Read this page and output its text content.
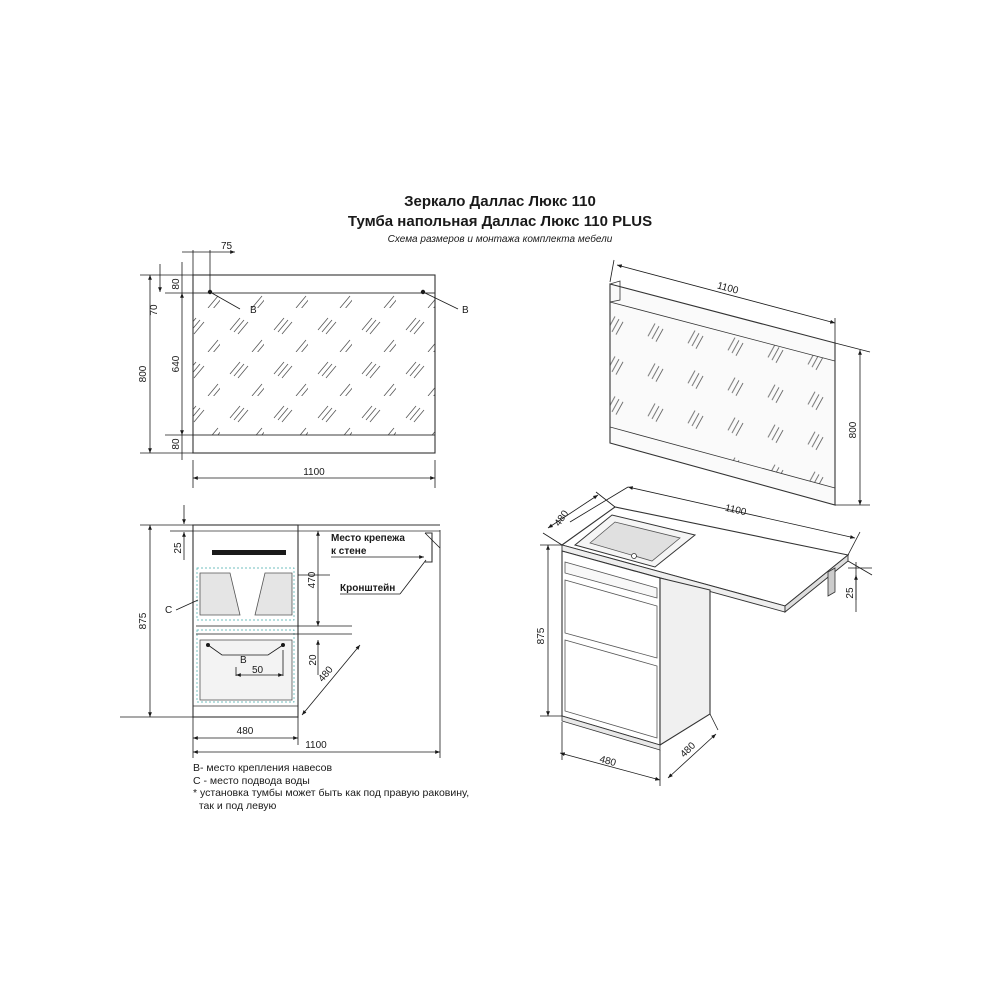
Зеркало Даллас Люкс 110
Тумба напольная Даллас Люкс 110 PLUS
Схема размеров и монтажа комплекта мебели
B	B
800
640
80
80
70
75
1100
B
50
C
875
25
470
20
480
480
1100
Место крепежа
к стене
Кронштейн
1100
800
1100
480
875
25
480
480
B- место крепления навесов
C - место подвода воды
* установка тумбы может быть как под правую раковину,
так и под левую
